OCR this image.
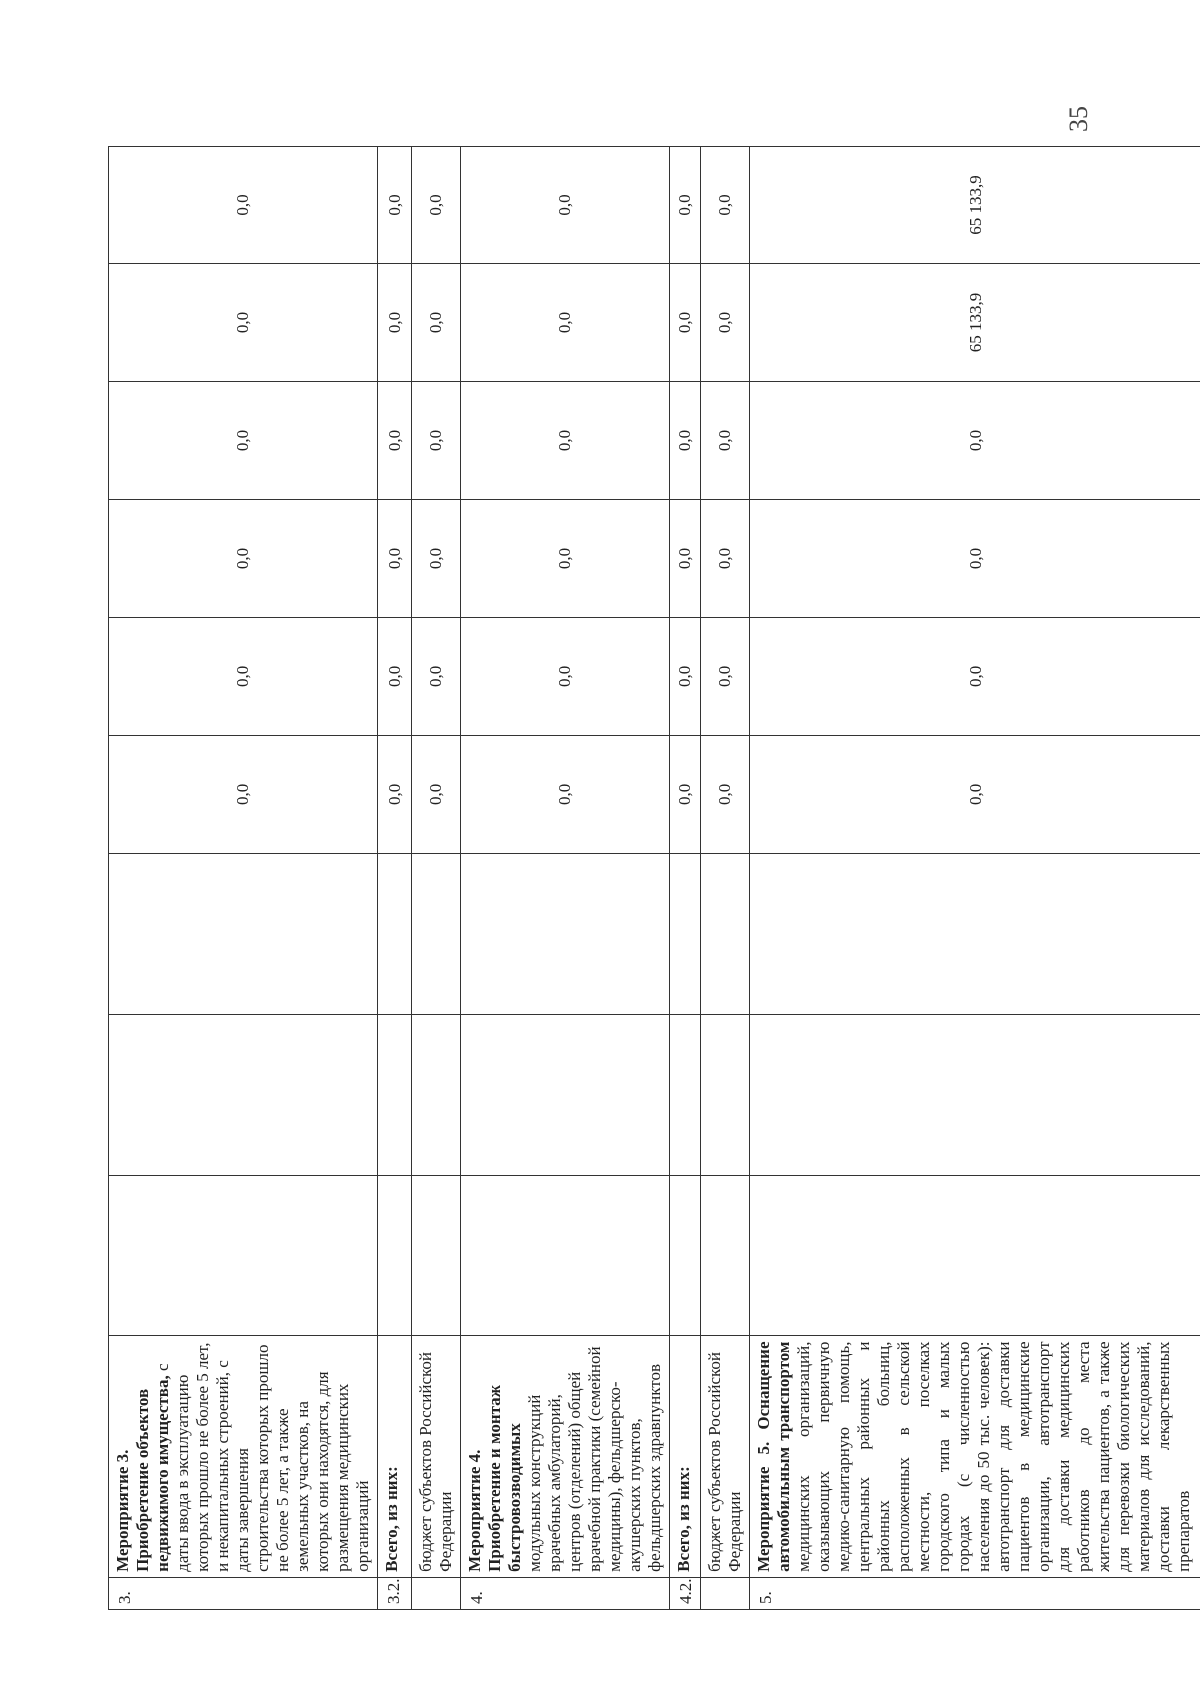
35
3.	Мероприятие 3. Приобретение объектов недвижимого имущества, с даты ввода в эксплуатацию которых прошло не более 5 лет, и некапитальных строений, с даты завершения строительства которых прошло не более 5 лет, а также земельных участков, на которых они находятся, для размещения медицинских организаций				0,0	0,0	0,0	0,0	0,0	0,0
3.2.	Всего, из них:				0,0	0,0	0,0	0,0	0,0	0,0
	бюджет субъектов Российской Федерации				0,0	0,0	0,0	0,0	0,0	0,0
4.	Мероприятие 4. Приобретение и монтаж быстровозводимых модульных конструкций врачебных амбулаторий, центров (отделений) общей врачебной практики (семейной медицины), фельдшерско-акушерских пунктов, фельдшерских здравпунктов				0,0	0,0	0,0	0,0	0,0	0,0
4.2.	Всего, из них:				0,0	0,0	0,0	0,0	0,0	0,0
	бюджет субъектов Российской Федерации				0,0	0,0	0,0	0,0	0,0	0,0
5.	Мероприятие 5. Оснащение автомобильным транспортом медицинских организаций, оказывающих первичную медико-санитарную помощь, центральных районных и районных больниц, расположенных в сельской местности, поселках городского типа и малых городах (с численностью населения до 50 тыс. человек): автотранспорт для доставки пациентов в медицинские организации, автотранспорт для доставки медицинских работников до места жительства пациентов, а также для перевозки биологических материалов для исследований, доставки лекарственных препаратов				0,0	0,0	0,0	0,0	65 133,9	65 133,9
